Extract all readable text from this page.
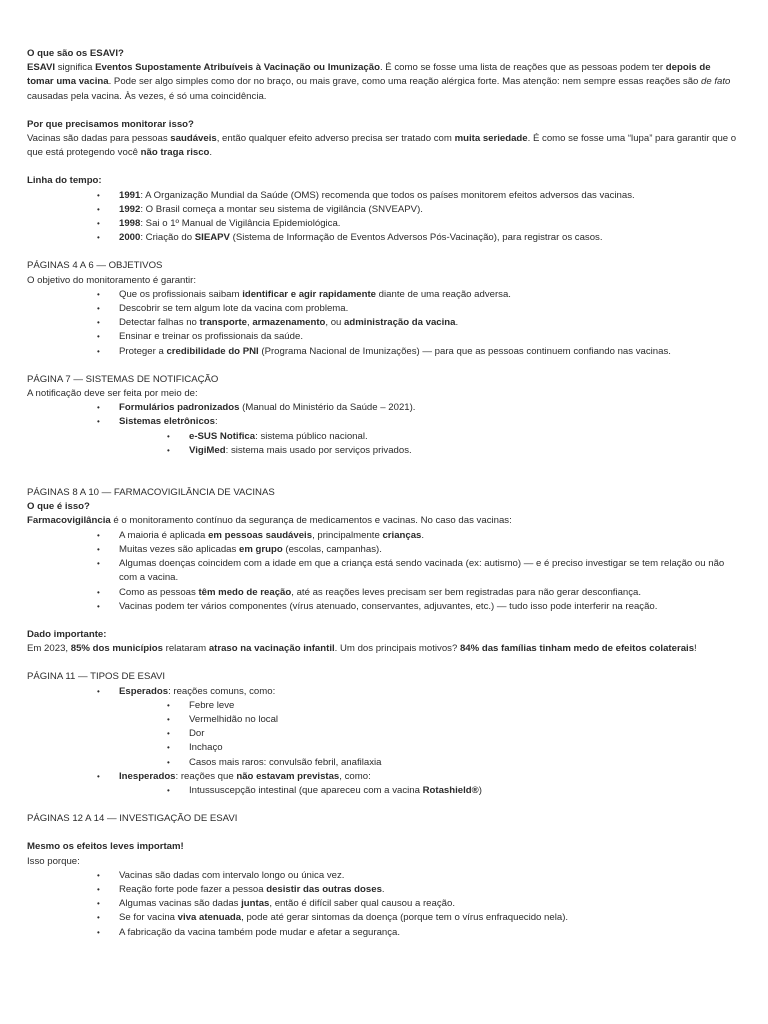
O que são os ESAVI?

ESAVI significa Eventos Supostamente Atribuíveis à Vacinação ou Imunização. É como se fosse uma lista de reações que as pessoas podem ter depois de tomar uma vacina. Pode ser algo simples como dor no braço, ou mais grave, como uma reação alérgica forte. Mas atenção: nem sempre essas reações são de fato causadas pela vacina. Às vezes, é só uma coincidência.

Por que precisamos monitorar isso?

Vacinas são dadas para pessoas saudáveis, então qualquer efeito adverso precisa ser tratado com muita seriedade. É como se fosse uma “lupa” para garantir que o que está protegendo você não traga risco.

Linha do tempo:

• 1991: A Organização Mundial da Saúde (OMS) recomenda que todos os países monitorem efeitos adversos das vacinas.
• 1992: O Brasil começa a montar seu sistema de vigilância (SNVEAPV).
• 1998: Sai o 1º Manual de Vigilância Epidemiológica.
• 2000: Criação do SIEAPV (Sistema de Informação de Eventos Adversos Pós-Vacinação), para registrar os casos.

PÁGINAS 4 A 6 — OBJETIVOS

O objetivo do monitoramento é garantir:

• Que os profissionais saibam identificar e agir rapidamente diante de uma reação adversa.
• Descobrir se tem algum lote da vacina com problema.
• Detectar falhas no transporte, armazenamento, ou administração da vacina.
• Ensinar e treinar os profissionais da saúde.
• Proteger a credibilidade do PNI (Programa Nacional de Imunizações) — para que as pessoas continuem confiando nas vacinas.

PÁGINA 7 — SISTEMAS DE NOTIFICAÇÃO

A notificação deve ser feita por meio de:

• Formulários padronizados (Manual do Ministério da Saúde – 2021).
• Sistemas eletrônicos:
• e-SUS Notifica: sistema público nacional.
• VigiMed: sistema mais usado por serviços privados.

PÁGINAS 8 A 10 — FARMACOVIGILÂNCIA DE VACINAS

O que é isso?

Farmacovigilância é o monitoramento contínuo da segurança de medicamentos e vacinas. No caso das vacinas:

• A maioria é aplicada em pessoas saudáveis, principalmente crianças.
• Muitas vezes são aplicadas em grupo (escolas, campanhas).
• Algumas doenças coincidem com a idade em que a criança está sendo vacinada (ex: autismo) — e é preciso investigar se tem relação ou não com a vacina.
• Como as pessoas têm medo de reação, até as reações leves precisam ser bem registradas para não gerar desconfiança.
• Vacinas podem ter vários componentes (vírus atenuado, conservantes, adjuvantes, etc.) — tudo isso pode interferir na reação.

Dado importante:

Em 2023, 85% dos municípios relataram atraso na vacinação infantil. Um dos principais motivos? 84% das famílias tinham medo de efeitos colaterais!

PÁGINA 11 — TIPOS DE ESAVI

• Esperados: reações comuns, como:
• Febre leve
• Vermelhidão no local
• Dor
• Inchaço
• Casos mais raros: convulsão febril, anafilaxia
• Inesperados: reações que não estavam previstas, como:
• Intussuscepção intestinal (que apareceu com a vacina Rotashield®)

PÁGINAS 12 A 14 — INVESTIGAÇÃO DE ESAVI

Mesmo os efeitos leves importam!

Isso porque:

• Vacinas são dadas com intervalo longo ou única vez.
• Reação forte pode fazer a pessoa desistir das outras doses.
• Algumas vacinas são dadas juntas, então é difícil saber qual causou a reação.
• Se for vacina viva atenuada, pode até gerar sintomas da doença (porque tem o vírus enfraquecido nela).
• A fabricação da vacina também pode mudar e afetar a segurança.
